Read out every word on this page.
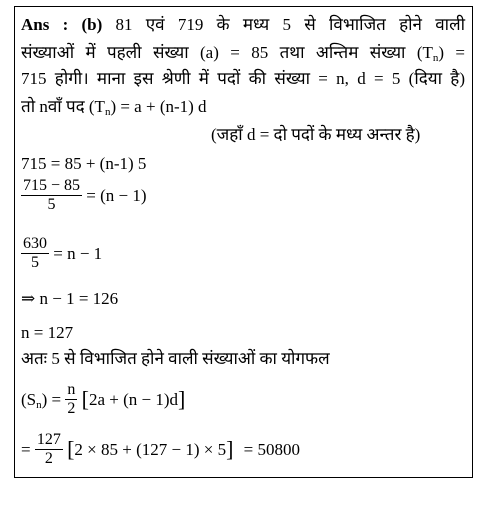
Ans : (b) 81 एवं 719 के मध्य 5 से विभाजित होने वाली
संख्याओं में पहली संख्या (a) = 85 तथा अन्तिम संख्या $(T_n)$ =
715 होगी। माना इस श्रेणी में पदों की संख्या = n, d = 5 (दिया है)
तो nवाँ पद $(T_n) = a + (n-1)$ d
(जहाँ d = दो पदों के मध्य अन्तर है)
715 = 85 + (n-1) 5
$\frac{715 - 85}{5} = (n - 1)$
$\frac{630}{5} = n - 1$
⇒ n − 1 = 126
n = 127
अतः 5 से विभाजित होने वाली संख्याओं का योगफल
$(S_n) = \frac{n}{2} [2a + (n - 1)d]$
= $\frac{127}{2} [2 \times 85 + (127 - 1) \times 5] = 50800$
